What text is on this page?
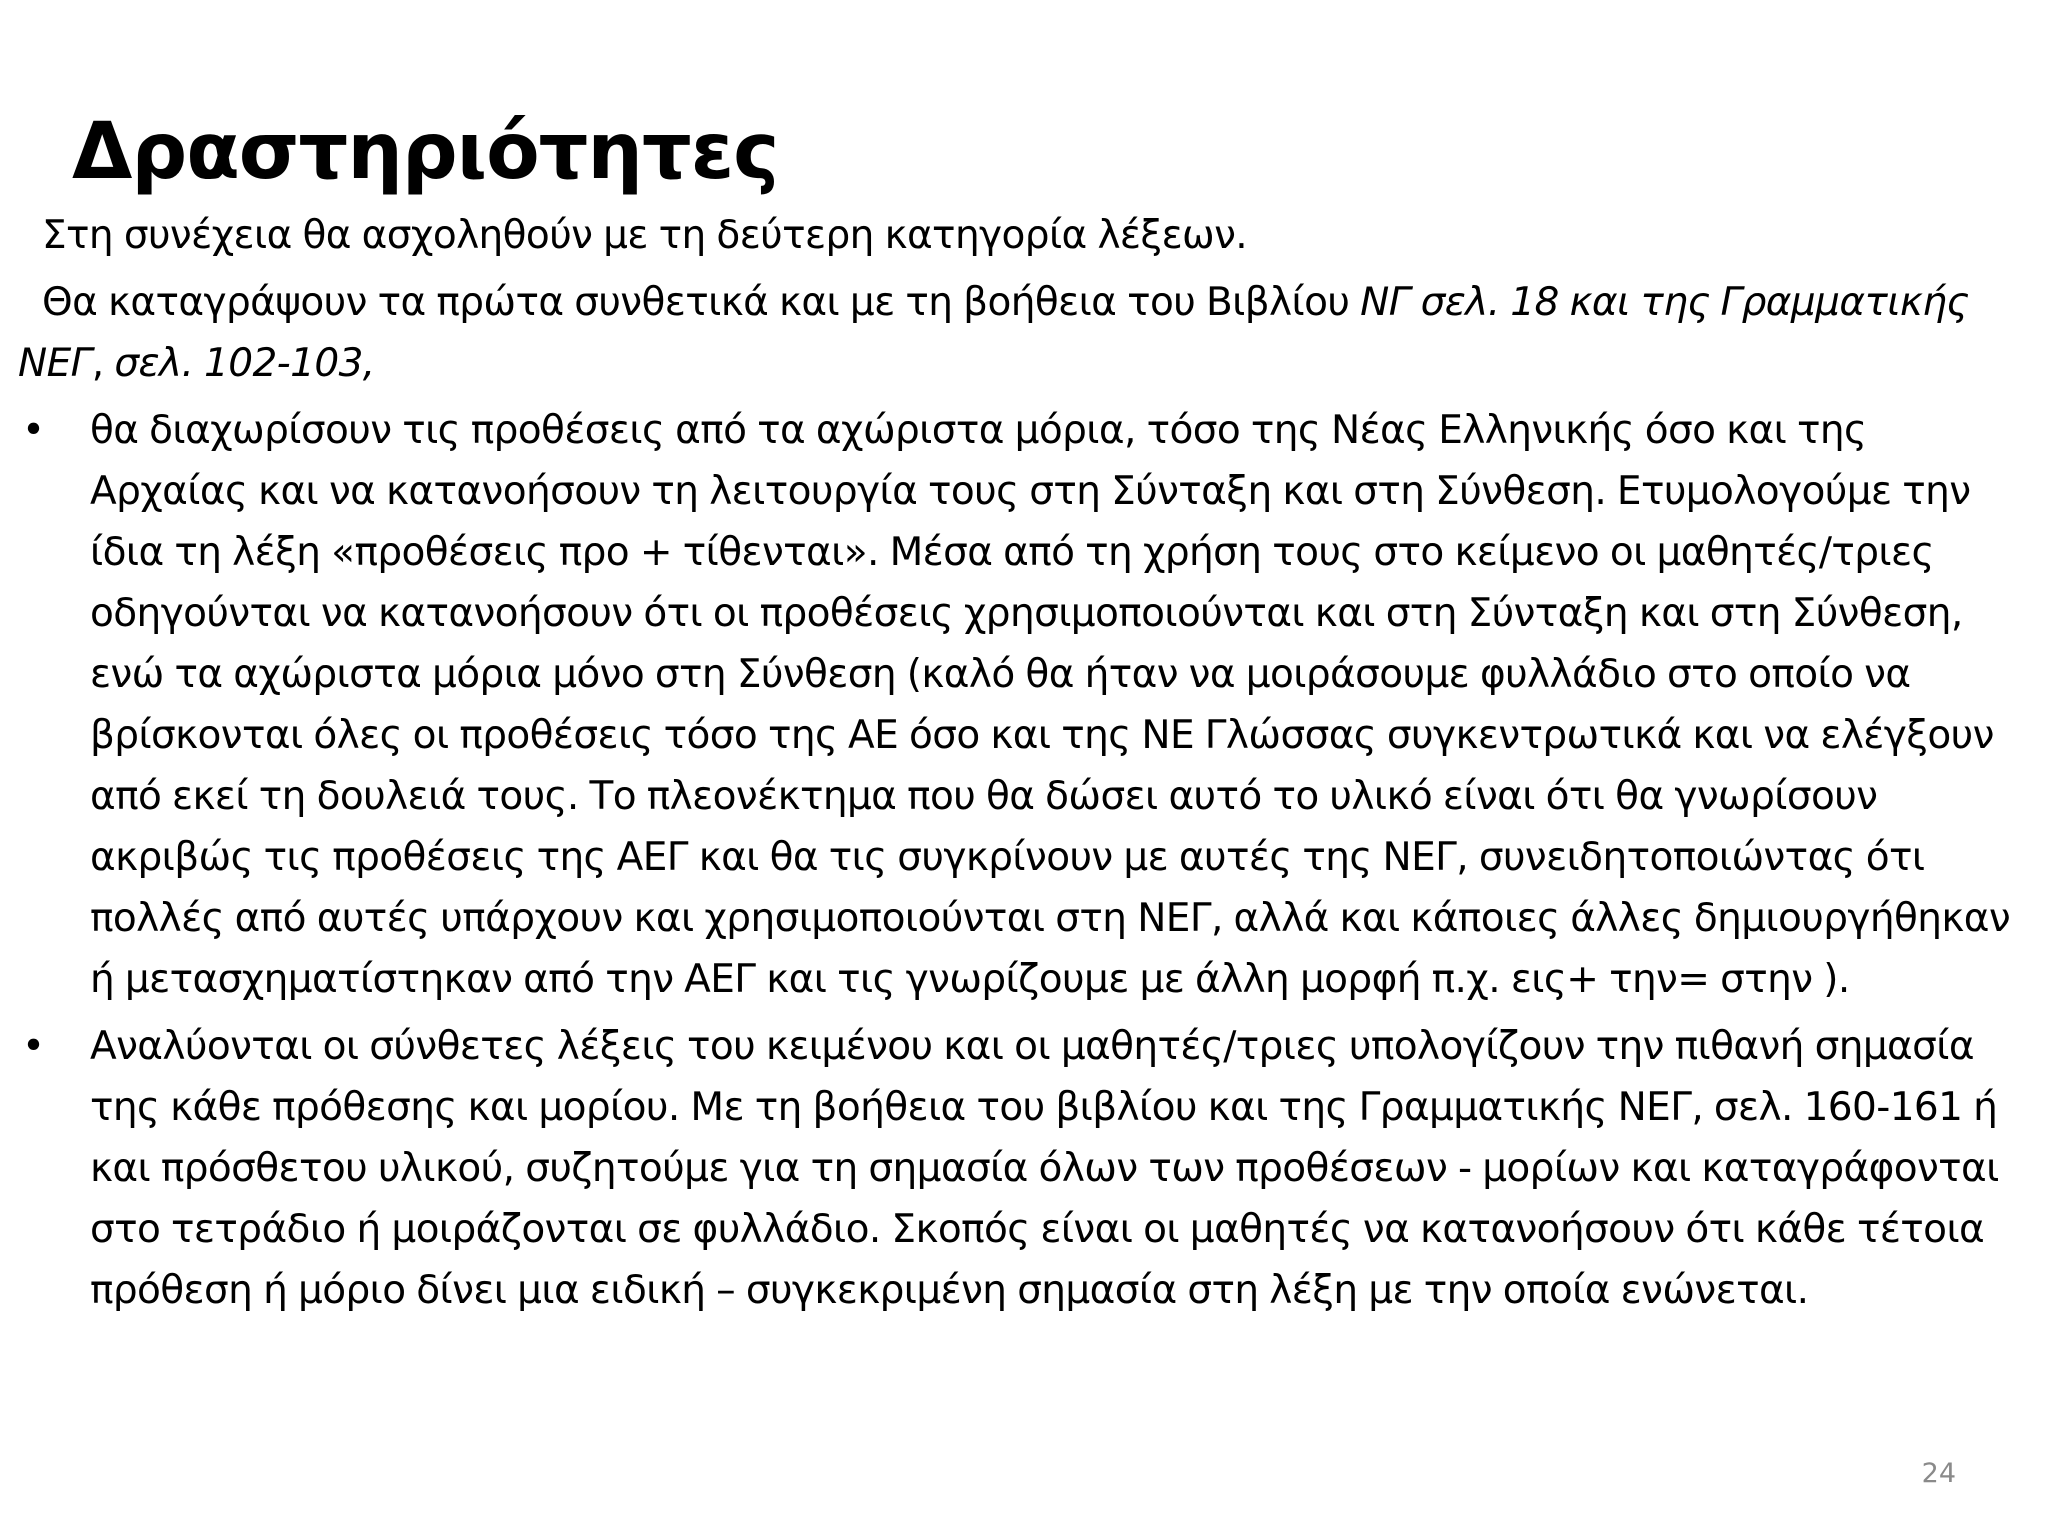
Δραστηριότητες

Στη συνέχεια θα ασχοληθούν με τη δεύτερη κατηγορία λέξεων.

Θα καταγράψουν τα πρώτα συνθετικά και με τη βοήθεια του Βιβλίου ΝΓ σελ. 18 και της Γραμματικής ΝΕΓ, σελ. 102-103,

• θα διαχωρίσουν τις προθέσεις από τα αχώριστα μόρια, τόσο της Νέας Ελληνικής όσο και της Αρχαίας και να κατανοήσουν τη λειτουργία τους στη Σύνταξη και στη Σύνθεση. Ετυμολογούμε την ίδια τη λέξη «προθέσεις προ + τίθενται». Μέσα από τη χρήση τους στο κείμενο οι μαθητές/τριες οδηγούνται να κατανοήσουν ότι οι προθέσεις χρησιμοποιούνται και στη Σύνταξη και στη Σύνθεση, ενώ τα αχώριστα μόρια μόνο στη Σύνθεση (καλό θα ήταν να μοιράσουμε φυλλάδιο στο οποίο να βρίσκονται όλες οι προθέσεις τόσο της ΑΕ όσο και της ΝΕ Γλώσσας συγκεντρωτικά και να ελέγξουν από εκεί τη δουλειά τους. Το πλεονέκτημα που θα δώσει αυτό το υλικό είναι ότι θα γνωρίσουν ακριβώς τις προθέσεις της ΑΕΓ και θα τις συγκρίνουν με αυτές της ΝΕΓ, συνειδητοποιώντας ότι πολλές από αυτές υπάρχουν και χρησιμοποιούνται στη ΝΕΓ, αλλά και κάποιες άλλες δημιουργήθηκαν ή μετασχηματίστηκαν από την ΑΕΓ και τις γνωρίζουμε με άλλη μορφή π.χ. εις+ την= στην ).
• Αναλύονται οι σύνθετες λέξεις του κειμένου και οι μαθητές/τριες υπολογίζουν την πιθανή σημασία της κάθε πρόθεσης και μορίου. Με τη βοήθεια του βιβλίου και της Γραμματικής ΝΕΓ, σελ. 160-161 ή και πρόσθετου υλικού, συζητούμε για τη σημασία όλων των προθέσεων - μορίων και καταγράφονται στο τετράδιο ή μοιράζονται σε φυλλάδιο. Σκοπός είναι οι μαθητές να κατανοήσουν ότι κάθε τέτοια πρόθεση ή μόριο δίνει μια ειδική – συγκεκριμένη σημασία στη λέξη με την οποία ενώνεται.
24
